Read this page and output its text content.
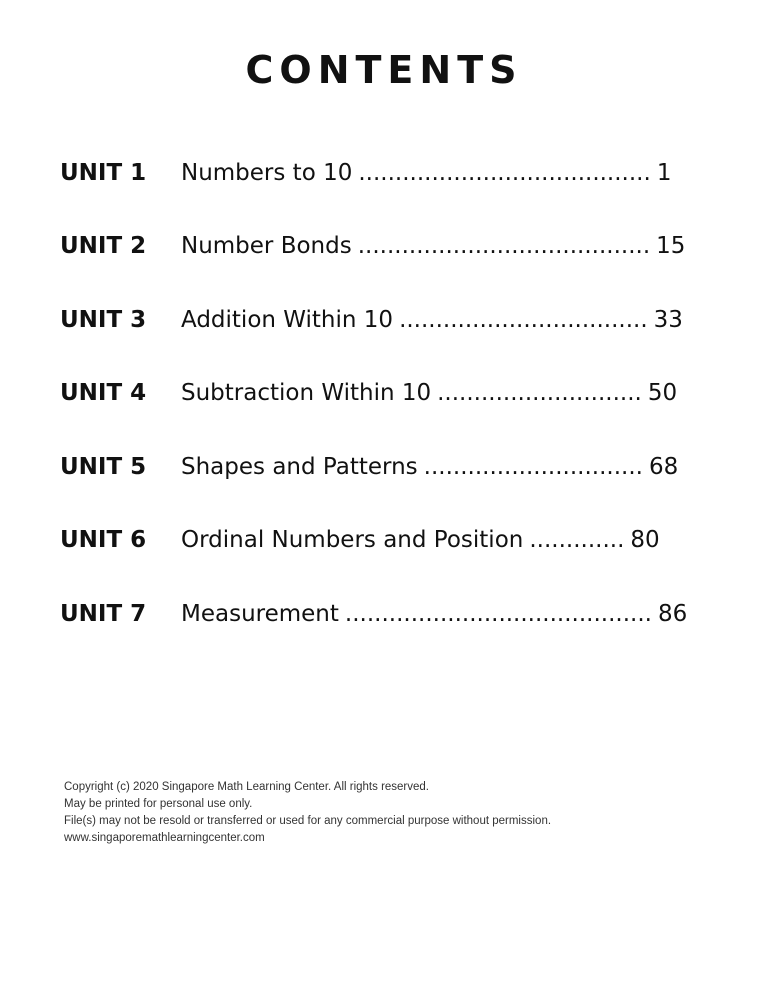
CONTENTS
UNIT 1	Numbers to 10 ........................................ 1
UNIT 2	Number Bonds ........................................ 15
UNIT 3	Addition Within 10 .................................. 33
UNIT 4	Subtraction Within 10 ............................ 50
UNIT 5	Shapes and Patterns .............................. 68
UNIT 6	Ordinal Numbers and Position ............. 80
UNIT 7	Measurement .......................................... 86
Copyright (c) 2020 Singapore Math Learning Center. All rights reserved.
May be printed for personal use only.
File(s) may not be resold or transferred or used for any commercial purpose without permission.
www.singaporemathlearningcenter.com
